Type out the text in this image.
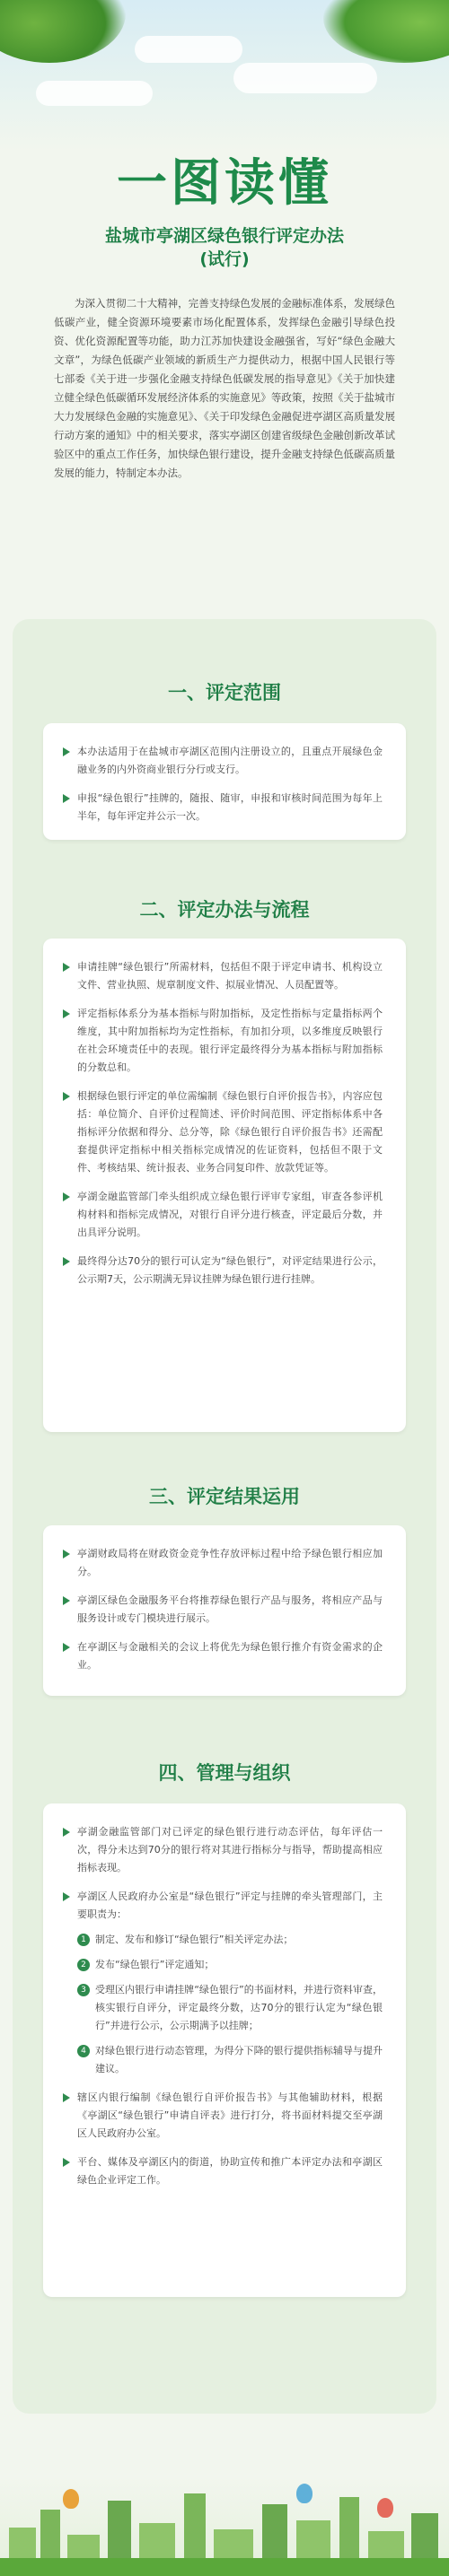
一图读懂
盐城市亭湖区绿色银行评定办法
(试行)

为深入贯彻二十大精神，完善支持绿色发展的金融标准体系，发展绿色低碳产业，健全资源环境要素市场化配置体系，发挥绿色金融引导绿色投资、优化资源配置等功能，助力江苏加快建设金融强省，写好“绿色金融大文章”，为绿色低碳产业领域的新质生产力提供动力，根据中国人民银行等七部委《关于进一步强化金融支持绿色低碳发展的指导意见》《关于加快建立健全绿色低碳循环发展经济体系的实施意见》等政策，按照《关于盐城市大力发展绿色金融的实施意见》、《关于印发绿色金融促进亭湖区高质量发展行动方案的通知》中的相关要求，落实亭湖区创建省级绿色金融创新改革试验区中的重点工作任务，加快绿色银行建设，提升金融支持绿色低碳高质量发展的能力，特制定本办法。

一、评定范围
本办法适用于在盐城市亭湖区范围内注册设立的，且重点开展绿色金融业务的内外资商业银行分行或支行。
申报“绿色银行”挂牌的，随报、随审，申报和审核时间范围为每年上半年，每年评定并公示一次。
二、评定办法与流程
申请挂牌“绿色银行”所需材料，包括但不限于评定申请书、机构设立文件、营业执照、规章制度文件、拟展业情况、人员配置等。
评定指标体系分为基本指标与附加指标，及定性指标与定量指标两个维度，其中附加指标均为定性指标，有加扣分项，以多维度反映银行在社会环境责任中的表现。银行评定最终得分为基本指标与附加指标的分数总和。
根据绿色银行评定的单位需编制《绿色银行自评价报告书》，内容应包括：单位简介、自评价过程简述、评价时间范围、评定指标体系中各指标评分依据和得分、总分等，除《绿色银行自评价报告书》还需配套提供评定指标中相关指标完成情况的佐证资料，包括但不限于文件、考核结果、统计报表、业务合同复印件、放款凭证等。
亭湖金融监管部门牵头组织成立绿色银行评审专家组，审查各参评机构材料和指标完成情况，对银行自评分进行核查，评定最后分数，并出具评分说明。
最终得分达70分的银行可认定为“绿色银行”，对评定结果进行公示，公示期7天，公示期满无异议挂牌为绿色银行进行挂牌。
三、评定结果运用
亭湖财政局将在财政资金竞争性存放评标过程中给予绿色银行相应加分。
亭湖区绿色金融服务平台将推荐绿色银行产品与服务，将相应产品与服务设计或专门模块进行展示。
在亭湖区与金融相关的会议上将优先为绿色银行推介有资金需求的企业。
四、管理与组织
亭湖金融监管部门对已评定的绿色银行进行动态评估，每年评估一次，得分未达到70分的银行将对其进行指标分与指导，帮助提高相应指标表现。
亭湖区人民政府办公室是“绿色银行”评定与挂牌的牵头管理部门，主要职责为：
1 制定、发布和修订“绿色银行”相关评定办法；
2 发布“绿色银行”评定通知；
3 受理区内银行申请挂牌“绿色银行”的书面材料，并进行资料审查，核实银行自评分，评定最终分数，达70分的银行认定为“绿色银行”并进行公示，公示期满予以挂牌；
4 对绿色银行进行动态管理，为得分下降的银行提供指标辅导与提升建议。
辖区内银行编制《绿色银行自评价报告书》与其他辅助材料，根据《亭湖区“绿色银行”申请自评表》进行打分，将书面材料提交至亭湖区人民政府办公室。
平台、媒体及亭湖区内的街道，协助宣传和推广本评定办法和亭湖区绿色企业评定工作。
